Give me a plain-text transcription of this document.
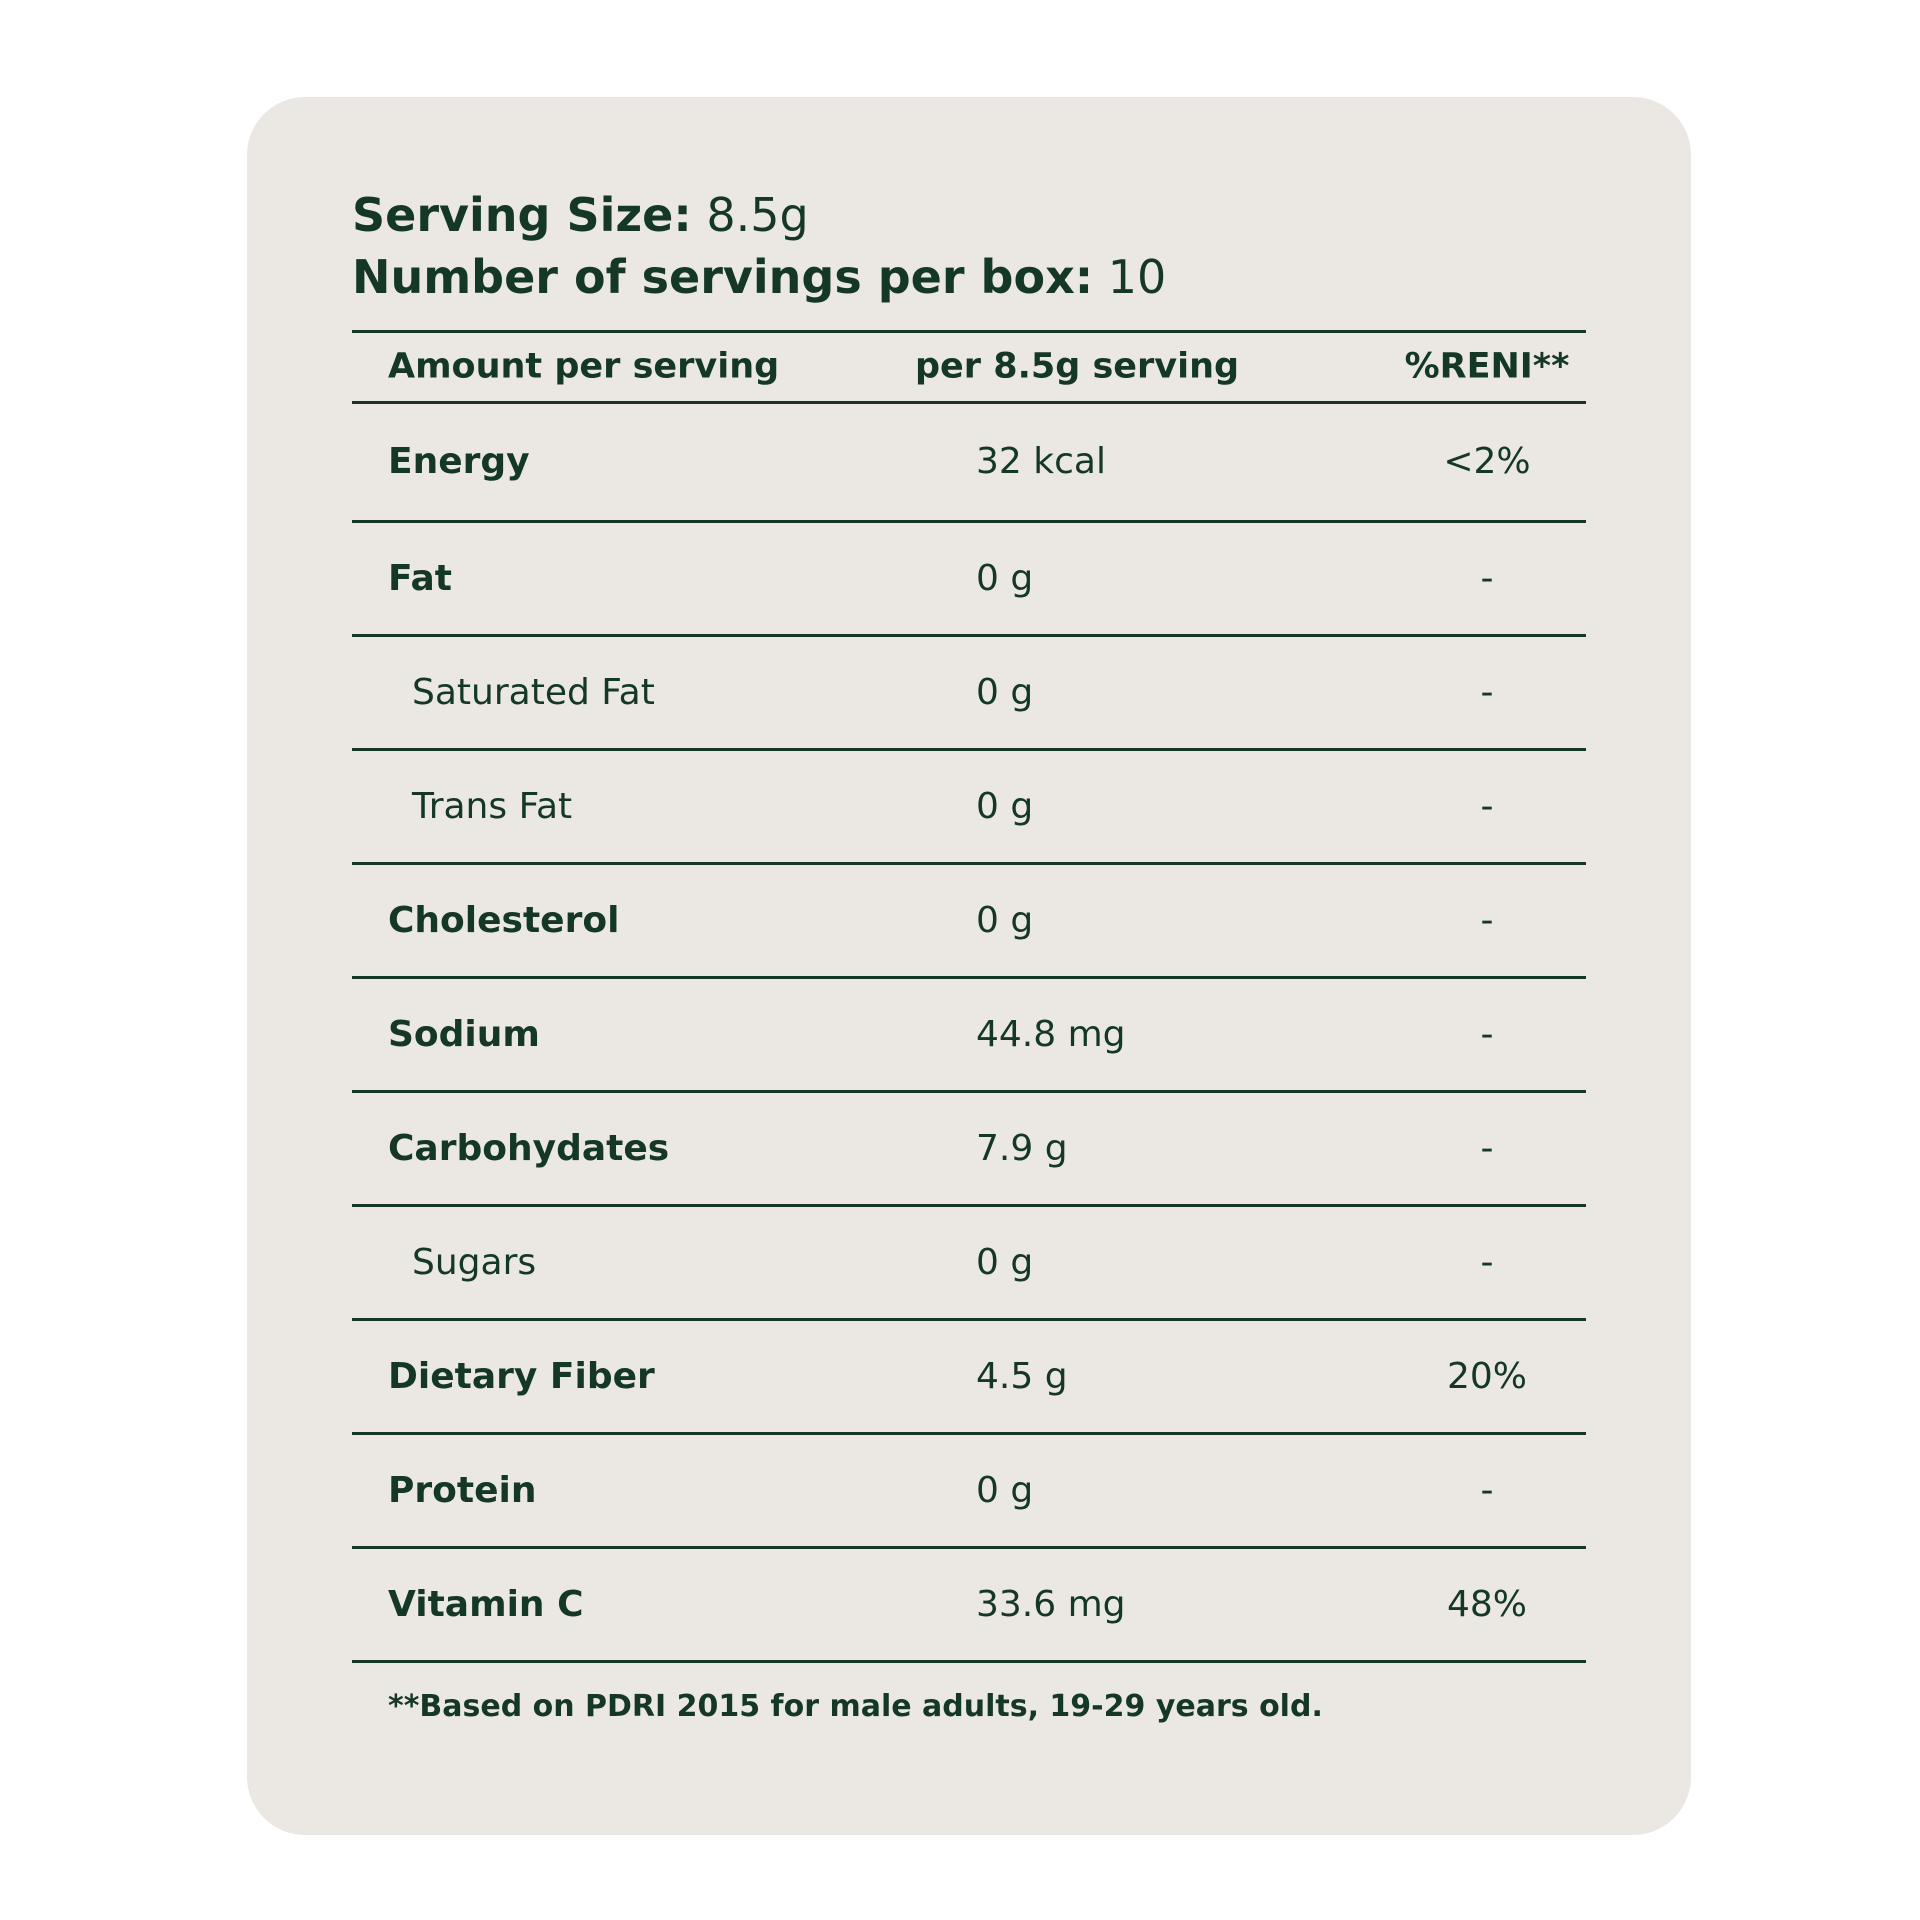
Serving Size: 8.5g
Number of servings per box: 10
Amount per serving	per 8.5g serving	%RENI**
Energy	32 kcal	<2%
Fat	0 g	-
Saturated Fat	0 g	-
Trans Fat	0 g	-
Cholesterol	0 g	-
Sodium	44.8 mg	-
Carbohydates	7.9 g	-
Sugars	0 g	-
Dietary Fiber	4.5 g	20%
Protein	0 g	-
Vitamin C	33.6 mg	48%
**Based on PDRI 2015 for male adults, 19-29 years old.
